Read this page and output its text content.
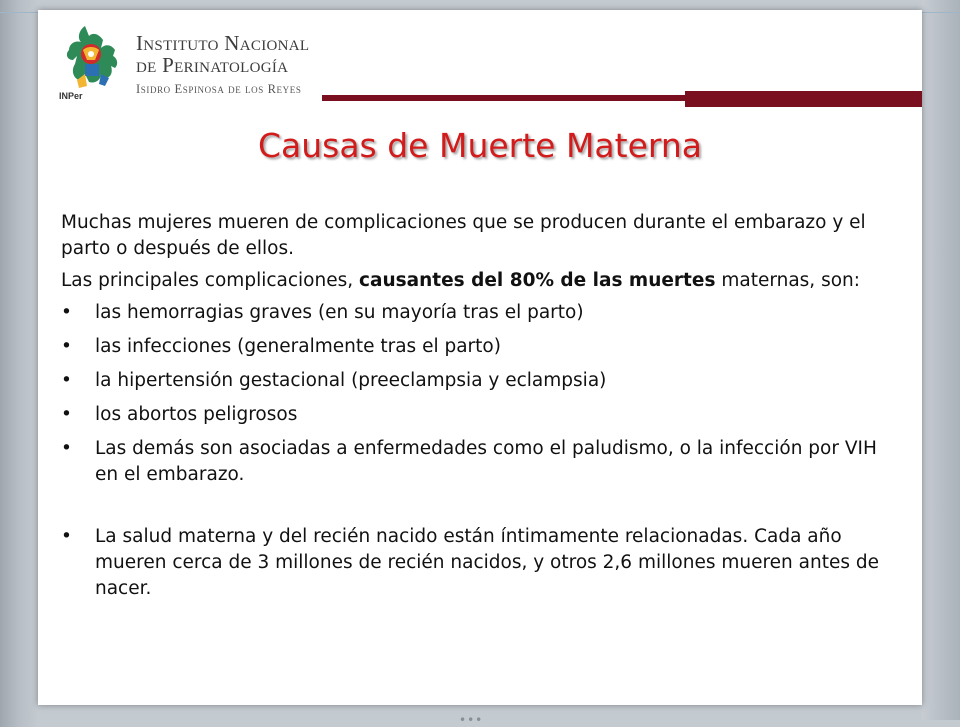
INPer
Instituto Nacional
de Perinatología
Isidro Espinosa de los Reyes
Causas de Muerte Materna

Muchas mujeres mueren de complicaciones que se producen durante el embarazo y el parto o después de ellos.

Las principales complicaciones, causantes del 80% de las muertes maternas, son:

• las hemorragias graves (en su mayoría tras el parto)
• las infecciones (generalmente tras el parto)
• la hipertensión gestacional (preeclampsia y eclampsia)
• los abortos peligrosos
• Las demás son asociadas a enfermedades como el paludismo, o la infección por VIH en el embarazo.
• La salud materna y del recién nacido están íntimamente relacionadas. Cada año mueren cerca de 3 millones de recién nacidos, y otros 2,6 millones mueren antes de nacer.
•••
